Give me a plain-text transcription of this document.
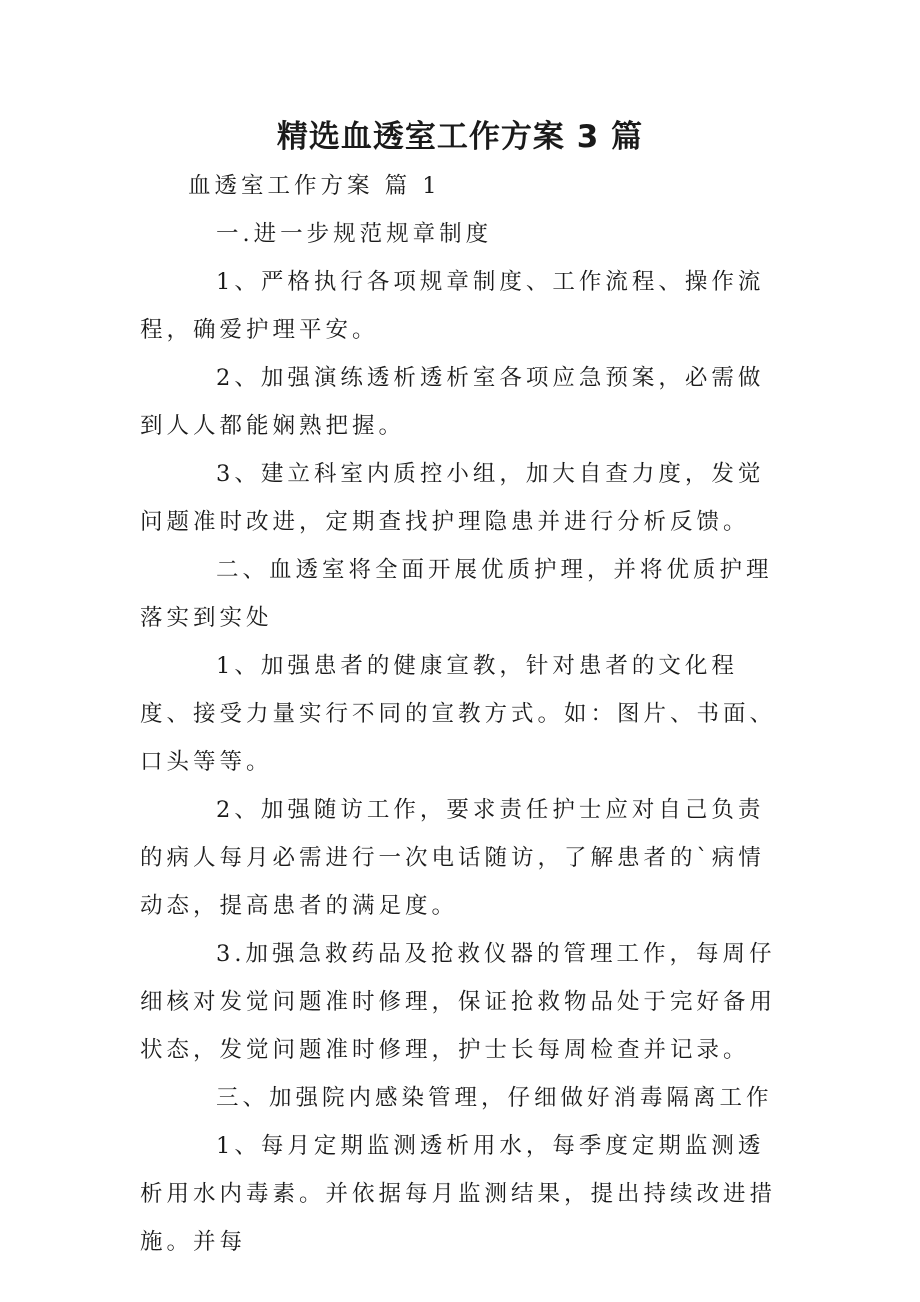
精选血透室工作方案 3 篇

血透室工作方案 篇 1

一.进一步规范规章制度

1、严格执行各项规章制度、工作流程、操作流程，确爱护理平安。

2、加强演练透析透析室各项应急预案，必需做到人人都能娴熟把握。

3、建立科室内质控小组，加大自查力度，发觉问题准时改进，定期查找护理隐患并进行分析反馈。

二、血透室将全面开展优质护理，并将优质护理落实到实处

1、加强患者的健康宣教，针对患者的文化程度、接受力量实行不同的宣教方式。如：图片、书面、口头等等。

2、加强随访工作，要求责任护士应对自己负责的病人每月必需进行一次电话随访，了解患者的`病情动态，提高患者的满足度。

3.加强急救药品及抢救仪器的管理工作，每周仔细核对发觉问题准时修理，保证抢救物品处于完好备用状态，发觉问题准时修理，护士长每周检查并记录。

三、加强院内感染管理，仔细做好消毒隔离工作

1、每月定期监测透析用水，每季度定期监测透析用水内毒素。并依据每月监测结果，提出持续改进措施。并每
